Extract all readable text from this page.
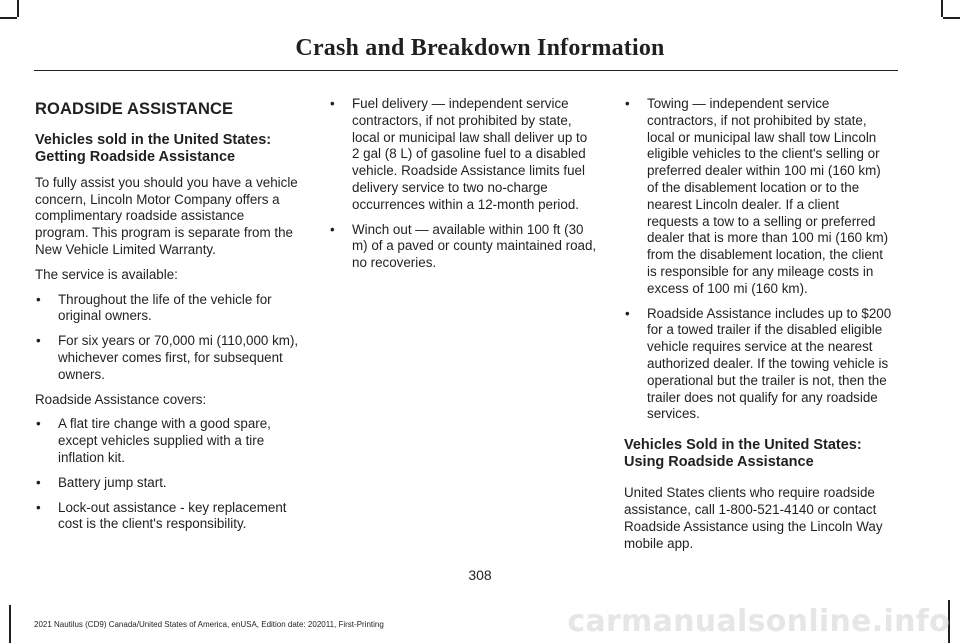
Crash and Breakdown Information
ROADSIDE ASSISTANCE
Vehicles sold in the United States: Getting Roadside Assistance
To fully assist you should you have a vehicle concern, Lincoln Motor Company offers a complimentary roadside assistance program. This program is separate from the New Vehicle Limited Warranty.
The service is available:
• Throughout the life of the vehicle for original owners.
• For six years or 70,000 mi (110,000 km), whichever comes first, for subsequent owners.
Roadside Assistance covers:
• A flat tire change with a good spare, except vehicles supplied with a tire inflation kit.
• Battery jump start.
• Lock-out assistance - key replacement cost is the client's responsibility.
• Fuel delivery — independent service contractors, if not prohibited by state, local or municipal law shall deliver up to 2 gal (8 L) of gasoline fuel to a disabled vehicle. Roadside Assistance limits fuel delivery service to two no-charge occurrences within a 12-month period.
• Winch out — available within 100 ft (30 m) of a paved or county maintained road, no recoveries.
• Towing — independent service contractors, if not prohibited by state, local or municipal law shall tow Lincoln eligible vehicles to the client's selling or preferred dealer within 100 mi (160 km) of the disablement location or to the nearest Lincoln dealer. If a client requests a tow to a selling or preferred dealer that is more than 100 mi (160 km) from the disablement location, the client is responsible for any mileage costs in excess of 100 mi (160 km).
• Roadside Assistance includes up to $200 for a towed trailer if the disabled eligible vehicle requires service at the nearest authorized dealer. If the towing vehicle is operational but the trailer is not, then the trailer does not qualify for any roadside services.
Vehicles Sold in the United States: Using Roadside Assistance
United States clients who require roadside assistance, call 1-800-521-4140 or contact Roadside Assistance using the Lincoln Way mobile app.
308
2021 Nautilus (CD9) Canada/United States of America, enUSA, Edition date: 202011, First-Printing	carmanualsonline.info
